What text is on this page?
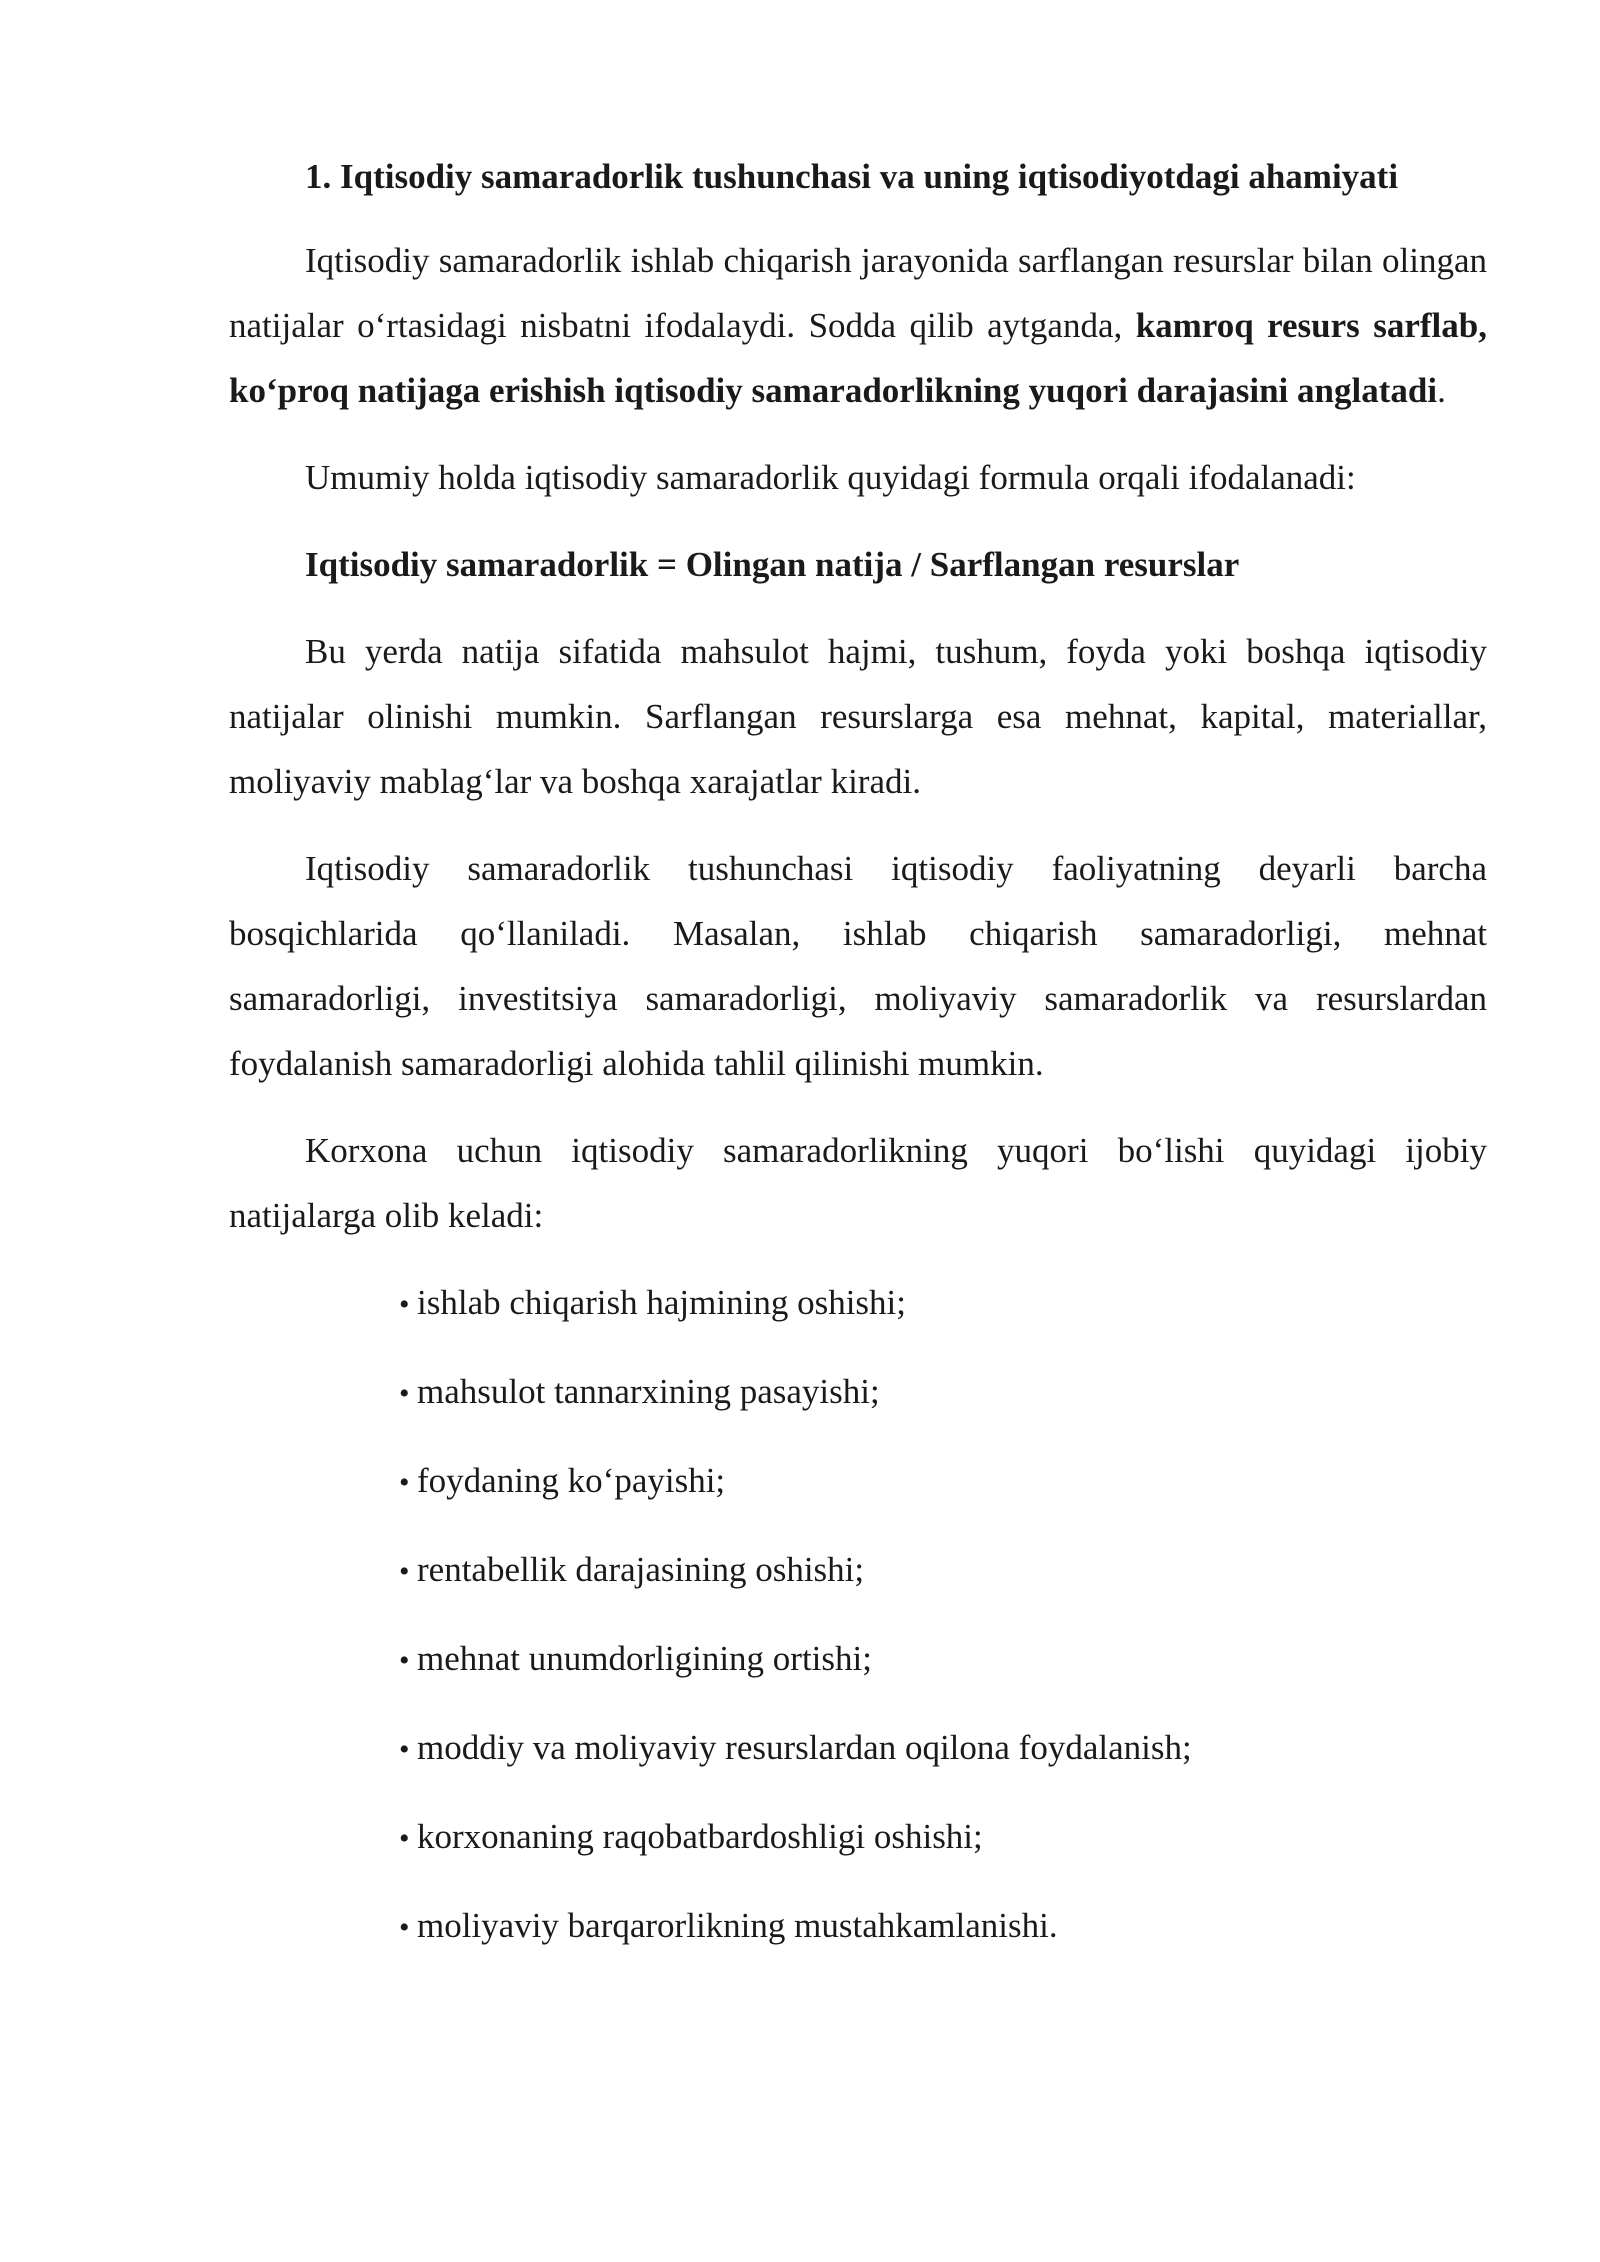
1. Iqtisodiy samaradorlik tushunchasi va uning iqtisodiyotdagi ahamiyati

Iqtisodiy samaradorlik ishlab chiqarish jarayonida sarflangan resurslar bilan olingan natijalar o‘rtasidagi nisbatni ifodalaydi. Sodda qilib aytganda, kamroq resurs sarflab, ko‘proq natijaga erishish iqtisodiy samaradorlikning yuqori darajasini anglatadi.

Umumiy holda iqtisodiy samaradorlik quyidagi formula orqali ifodalanadi:

Iqtisodiy samaradorlik = Olingan natija / Sarflangan resurslar

Bu yerda natija sifatida mahsulot hajmi, tushum, foyda yoki boshqa iqtisodiy natijalar olinishi mumkin. Sarflangan resurslarga esa mehnat, kapital, materiallar, moliyaviy mablag‘lar va boshqa xarajatlar kiradi.

Iqtisodiy samaradorlik tushunchasi iqtisodiy faoliyatning deyarli barcha bosqichlarida qo‘llaniladi. Masalan, ishlab chiqarish samaradorligi, mehnat samaradorligi, investitsiya samaradorligi, moliyaviy samaradorlik va resurslardan foydalanish samaradorligi alohida tahlil qilinishi mumkin.

Korxona uchun iqtisodiy samaradorlikning yuqori bo‘lishi quyidagi ijobiy natijalarga olib keladi:

• ishlab chiqarish hajmining oshishi;
• mahsulot tannarxining pasayishi;
• foydaning ko‘payishi;
• rentabellik darajasining oshishi;
• mehnat unumdorligining ortishi;
• moddiy va moliyaviy resurslardan oqilona foydalanish;
• korxonaning raqobatbardoshligi oshishi;
• moliyaviy barqarorlikning mustahkamlanishi.
